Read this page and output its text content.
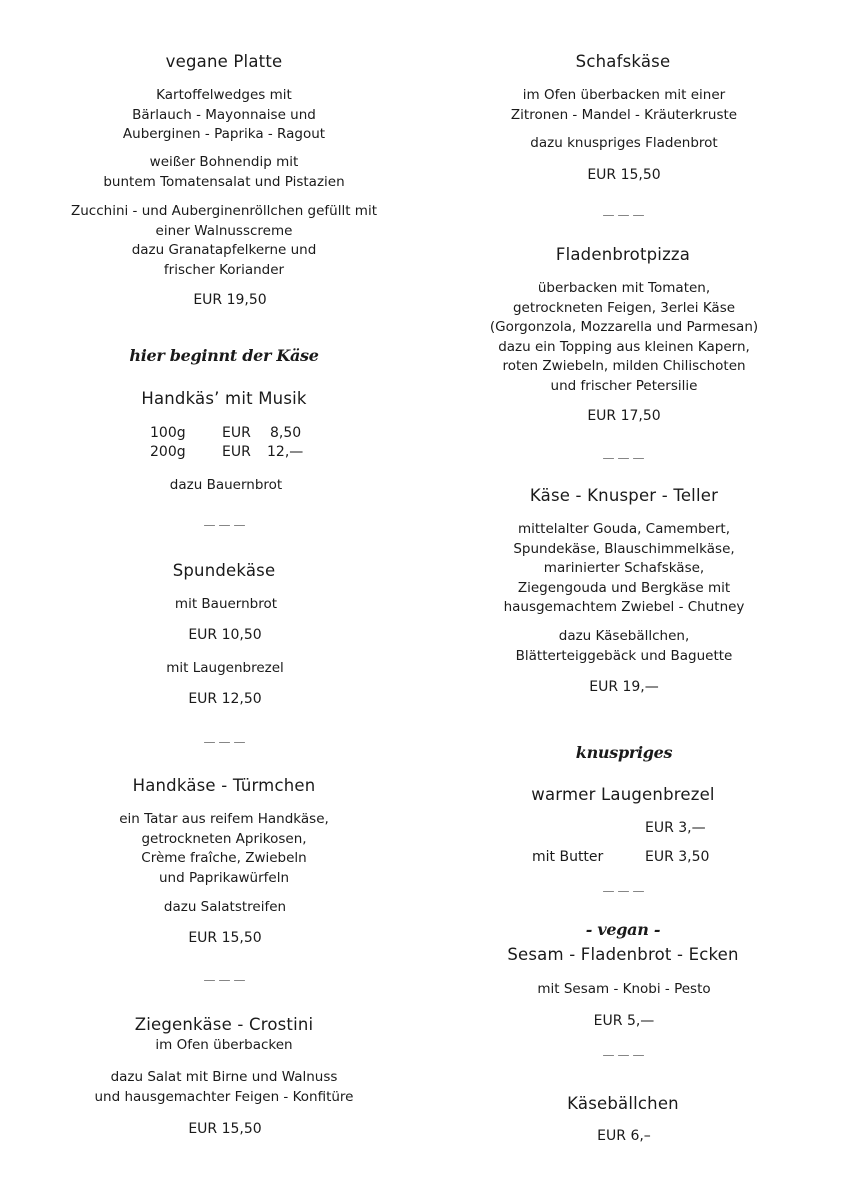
vegane Platte
Kartoffelwedges mit
Bärlauch - Mayonnaise und
Auberginen - Paprika - Ragout
weißer Bohnendip mit
buntem Tomatensalat und Pistazien
Zucchini - und Auberginenröllchen gefüllt mit
einer Walnusscreme
dazu Granatapfelkerne und
frischer Koriander
EUR 19,50
hier beginnt der Käse
Handkäs’ mit Musik
100g	EUR 8,50
200g	EUR 12,—
dazu Bauernbrot
———
Spundekäse
mit Bauernbrot
EUR 10,50
mit Laugenbrezel
EUR 12,50
———
Handkäse - Türmchen
ein Tatar aus reifem Handkäse,
getrockneten Aprikosen,
Crème fraîche, Zwiebeln
und Paprikawürfeln
dazu Salatstreifen
EUR 15,50
———
Ziegenkäse - Crostini
im Ofen überbacken
dazu Salat mit Birne und Walnuss
und hausgemachter Feigen - Konfitüre
EUR 15,50
Schafskäse
im Ofen überbacken mit einer
Zitronen - Mandel - Kräuterkruste
dazu knuspriges Fladenbrot
EUR 15,50
———
Fladenbrotpizza
überbacken mit Tomaten,
getrockneten Feigen, 3erlei Käse
(Gorgonzola, Mozzarella und Parmesan)
dazu ein Topping aus kleinen Kapern,
roten Zwiebeln, milden Chilischoten
und frischer Petersilie
EUR 17,50
———
Käse - Knusper - Teller
mittelalter Gouda, Camembert,
Spundekäse, Blauschimmelkäse,
marinierter Schafskäse,
Ziegengouda und Bergkäse mit
hausgemachtem Zwiebel - Chutney
dazu Käsebällchen,
Blätterteiggebäck und Baguette
EUR 19,—
knuspriges
warmer Laugenbrezel
EUR 3,—
mit Butter	EUR 3,50
———
- vegan -
Sesam - Fladenbrot - Ecken
mit Sesam - Knobi - Pesto
EUR 5,—
———
Käsebällchen
EUR 6,–
